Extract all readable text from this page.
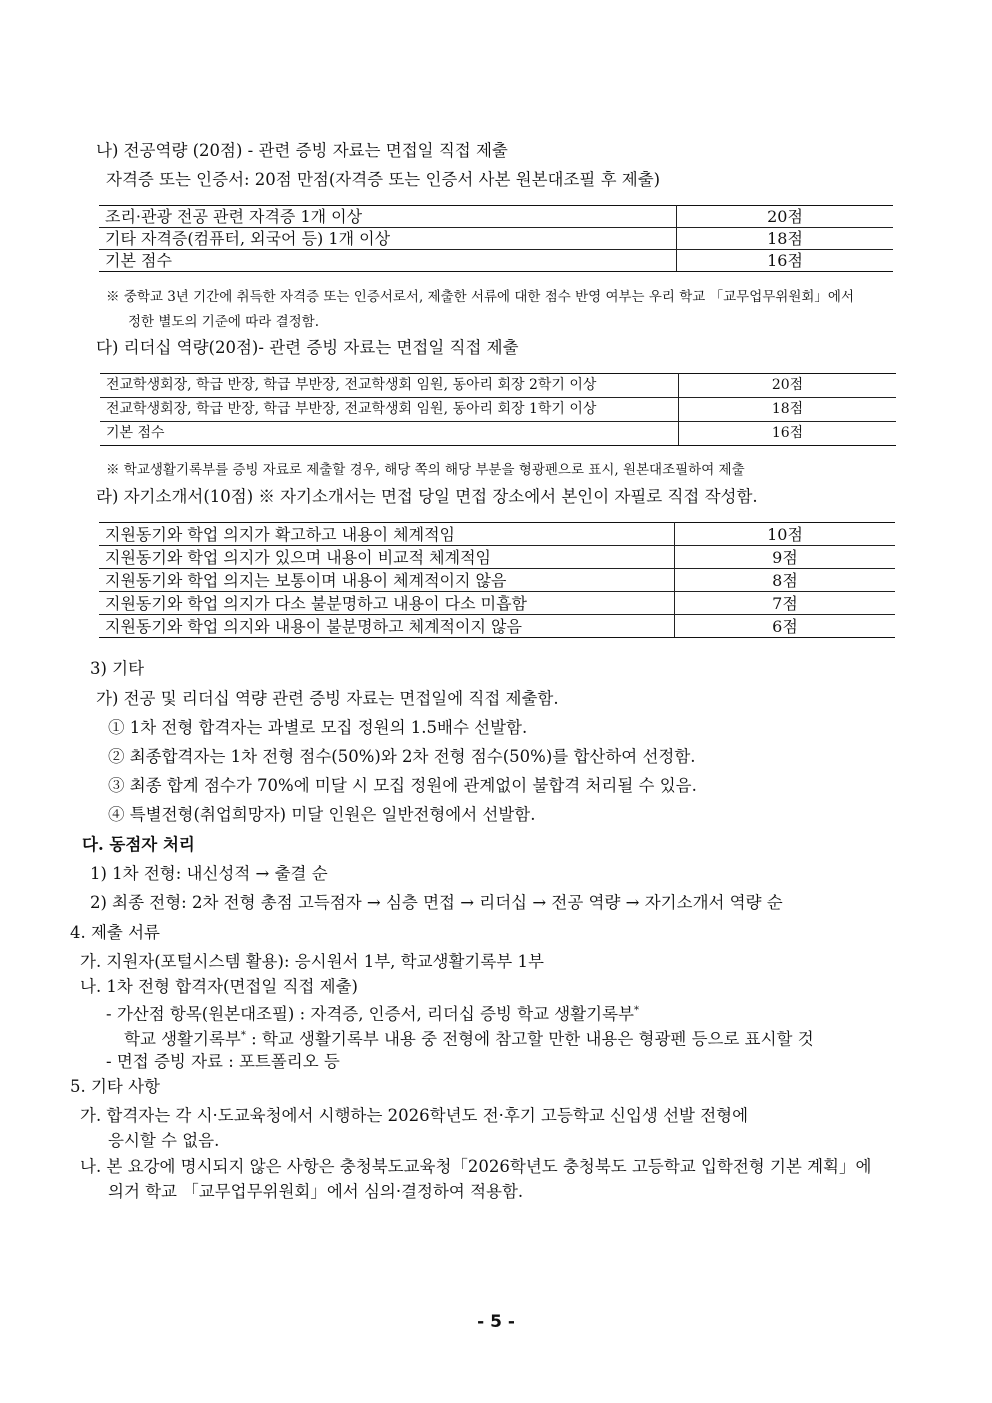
나) 전공역량 (20점) - 관련 증빙 자료는 면접일 직접 제출
자격증 또는 인증서: 20점 만점(자격증 또는 인증서 사본 원본대조필 후 제출)
조리·관광 전공 관련 자격증 1개 이상	20점
기타 자격증(컴퓨터, 외국어 등) 1개 이상	18점
기본 점수	16점
※ 중학교 3년 기간에 취득한 자격증 또는 인증서로서, 제출한 서류에 대한 점수 반영 여부는 우리 학교 「교무업무위원회」에서
정한 별도의 기준에 따라 결정함.
다) 리더십 역량(20점)- 관련 증빙 자료는 면접일 직접 제출
전교학생회장, 학급 반장, 학급 부반장, 전교학생회 임원, 동아리 회장 2학기 이상	20점
전교학생회장, 학급 반장, 학급 부반장, 전교학생회 임원, 동아리 회장 1학기 이상	18점
기본 점수	16점
※ 학교생활기록부를 증빙 자료로 제출할 경우, 해당 쪽의 해당 부분을 형광펜으로 표시, 원본대조필하여 제출
라) 자기소개서(10점) ※ 자기소개서는 면접 당일 면접 장소에서 본인이 자필로 직접 작성함.
지원동기와 학업 의지가 확고하고 내용이 체계적임	10점
지원동기와 학업 의지가 있으며 내용이 비교적 체계적임	9점
지원동기와 학업 의지는 보통이며 내용이 체계적이지 않음	8점
지원동기와 학업 의지가 다소 불분명하고 내용이 다소 미흡함	7점
지원동기와 학업 의지와 내용이 불분명하고 체계적이지 않음	6점
3) 기타
가) 전공 및 리더십 역량 관련 증빙 자료는 면접일에 직접 제출함.
① 1차 전형 합격자는 과별로 모집 정원의 1.5배수 선발함.
② 최종합격자는 1차 전형 점수(50%)와 2차 전형 점수(50%)를 합산하여 선정함.
③ 최종 합계 점수가 70%에 미달 시 모집 정원에 관계없이 불합격 처리될 수 있음.
④ 특별전형(취업희망자) 미달 인원은 일반전형에서 선발함.
다. 동점자 처리
1) 1차 전형: 내신성적 → 출결 순
2) 최종 전형: 2차 전형 총점 고득점자 → 심층 면접 → 리더십 → 전공 역량 → 자기소개서 역량 순
4. 제출 서류
가. 지원자(포털시스템 활용): 응시원서 1부, 학교생활기록부 1부
나. 1차 전형 합격자(면접일 직접 제출)
- 가산점 항목(원본대조필) : 자격증, 인증서, 리더십 증빙 학교 생활기록부*
학교 생활기록부* : 학교 생활기록부 내용 중 전형에 참고할 만한 내용은 형광펜 등으로 표시할 것
- 면접 증빙 자료 : 포트폴리오 등
5. 기타 사항
가. 합격자는 각 시·도교육청에서 시행하는 2026학년도 전·후기 고등학교 신입생 선발 전형에
응시할 수 없음.
나. 본 요강에 명시되지 않은 사항은 충청북도교육청「2026학년도 충청북도 고등학교 입학전형 기본 계획」에
의거 학교 「교무업무위원회」에서 심의·결정하여 적용함.
- 5 -
